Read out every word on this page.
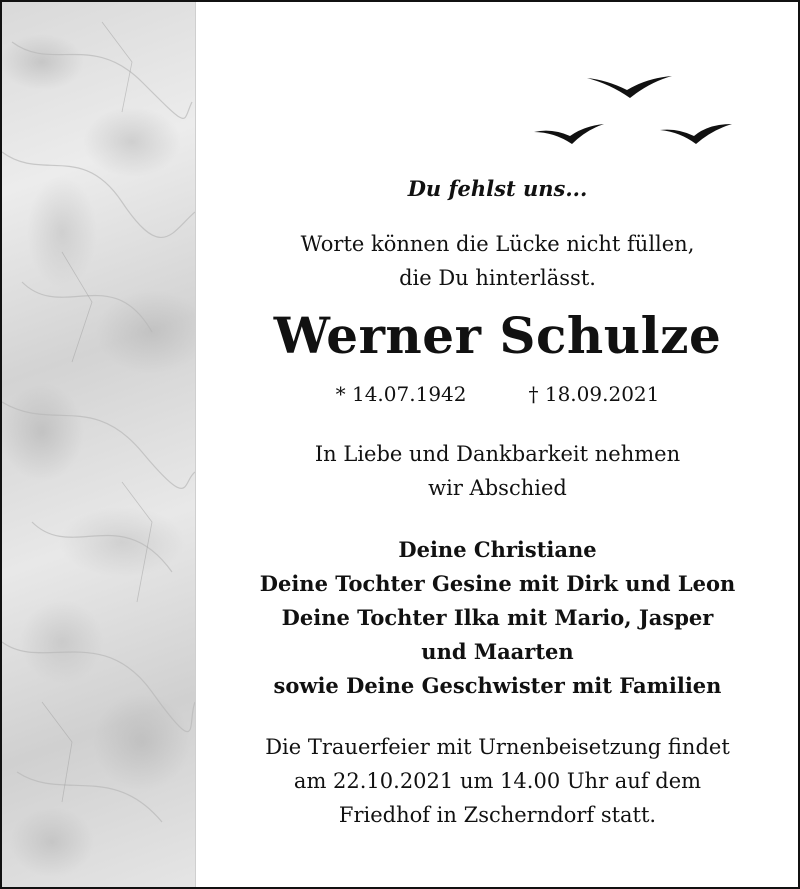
Du fehlst uns...
Worte können die Lücke nicht füllen,
die Du hinterlässt.
Werner Schulze
* 14.07.1942	† 18.09.2021
In Liebe und Dankbarkeit nehmen
wir Abschied
Deine Christiane
Deine Tochter Gesine mit Dirk und Leon
Deine Tochter Ilka mit Mario, Jasper
und Maarten
sowie Deine Geschwister mit Familien
Die Trauerfeier mit Urnenbeisetzung findet
am 22.10.2021 um 14.00 Uhr auf dem
Friedhof in Zscherndorf statt.
